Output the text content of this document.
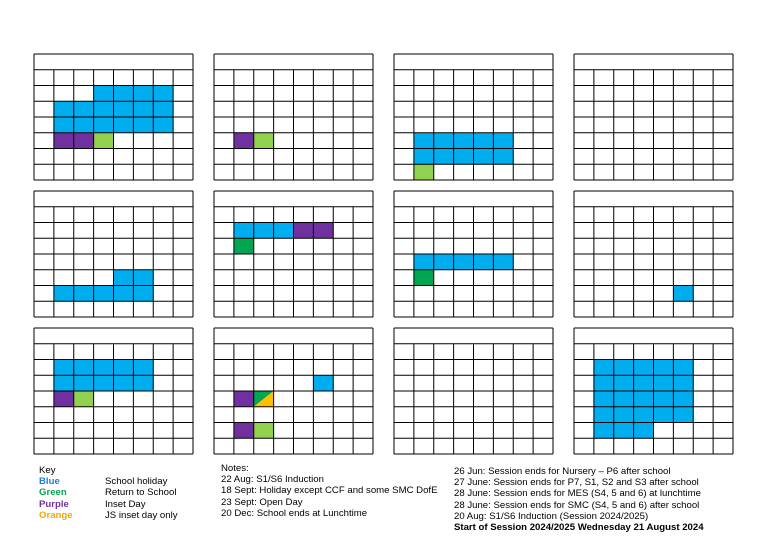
Key
Blue
Green
Purple
Orange
School holiday
Return to School
Inset Day
JS inset day only
Notes:
22 Aug: S1/S6 Induction
18 Sept: Holiday except CCF and some SMC DofE
23 Sept: Open Day
20 Dec: School ends at Lunchtime
26 Jun: Session ends for Nursery – P6 after school
27 June: Session ends for P7, S1, S2 and S3 after school
28 June: Session ends for MES (S4, 5 and 6) at lunchtime
28 June: Session ends for SMC (S4, 5 and 6) after school
20 Aug: S1/S6 Induction (Session 2024/2025)
Start of Session 2024/2025 Wednesday 21 August 2024
